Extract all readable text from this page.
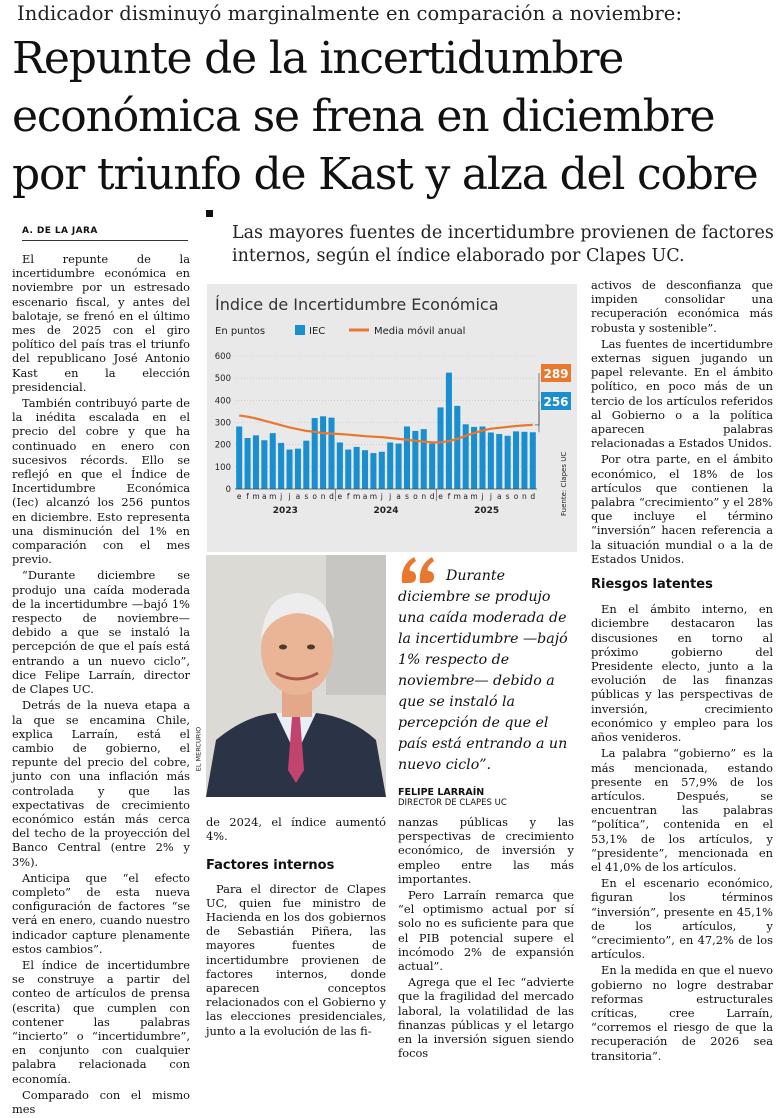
Indicador disminuyó marginalmente en comparación a noviembre:
Repunte de la incertidumbre
económica se frena en diciembre
por triunfo de Kast y alza del cobre
A. DE LA JARA	Las mayores fuentes de incertidumbre provienen de factores
internos, según el índice elaborado por Clapes UC.

El repunte de la incertidumbre económica en noviembre por un estresado escenario fiscal, y antes del balotaje, se frenó en el último mes de 2025 con el giro político del país tras el triunfo del republicano José Antonio Kast en la elección presidencial.

También contribuyó parte de la inédita escalada en el precio del cobre y que ha continuado en enero con sucesivos récords. Ello se reflejó en que el Índice de Incertidumbre Económica (Iec) alcanzó los 256 puntos en diciembre. Esto representa una disminución del 1% en comparación con el mes previo.

“Durante diciembre se produjo una caída moderada de la incertidumbre —bajó 1% respecto de noviembre— debido a que se instaló la percepción de que el país está entrando a un nuevo ciclo”, dice Felipe Larraín, director de Clapes UC.

Detrás de la nueva etapa a la que se encamina Chile, explica Larraín, está el cambio de gobierno, el repunte del precio del cobre, junto con una inflación más controlada y que las expectativas de crecimiento económico están más cerca del techo de la proyección del Banco Central (entre 2% y 3%).

Anticipa que “el efecto completo” de esta nueva configuración de factores “se verá en enero, cuando nuestro indicador capture plenamente estos cambios”.

El índice de incertidumbre se construye a partir del conteo de artículos de prensa (escrita) que cumplen con contener las palabras “incierto” o “incertidumbre”, en conjunto con cualquier palabra relacionada con economía.

Comparado con el mismo mes

Índice de Incertidumbre Económica
En puntos	IEC	Media móvil anual
0
100
200
300
400
500
600
e f m a m j j a s o n d e f m a m j j a s o n d e f m a m j j a s o n d
2023	2024	2025
289
256
Fuente: Clapes UC
EL MERCURIO
Durante diciembre se produjo una caída moderada de la incertidumbre —bajó 1% respecto de noviembre— debido a que se instaló la percepción de que el país está entrando a un nuevo ciclo”.
FELIPE LARRAÍN
DIRECTOR DE CLAPES UC

de 2024, el índice aumentó 4%.

Factores internos

Para el director de Clapes UC, quien fue ministro de Hacienda en los dos gobiernos de Sebastián Piñera, las mayores fuentes de incertidumbre provienen de factores internos, donde aparecen conceptos relacionados con el Gobierno y las elecciones presidenciales, junto a la evolución de las fi-

nanzas públicas y las perspectivas de crecimiento económico, de inversión y empleo entre las más importantes.

Pero Larraín remarca que “el optimismo actual por sí solo no es suficiente para que el PIB potencial supere el incómodo 2% de expansión actual”.

Agrega que el Iec “advierte que la fragilidad del mercado laboral, la volatilidad de las finanzas públicas y el letargo en la inversión siguen siendo focos

activos de desconfianza que impiden consolidar una recuperación económica más robusta y sostenible”.

Las fuentes de incertidumbre externas siguen jugando un papel relevante. En el ámbito político, en poco más de un tercio de los artículos referidos al Gobierno o a la política aparecen palabras relacionadas a Estados Unidos.

Por otra parte, en el ámbito económico, el 18% de los artículos que contienen la palabra “crecimiento” y el 28% que incluye el término “inversión” hacen referencia a la situación mundial o a la de Estados Unidos.

Riesgos latentes

En el ámbito interno, en diciembre destacaron las discusiones en torno al próximo gobierno del Presidente electo, junto a la evolución de las finanzas públicas y las perspectivas de inversión, crecimiento económico y empleo para los años venideros.

La palabra “gobierno” es la más mencionada, estando presente en 57,9% de los artículos. Después, se encuentran las palabras “política”, contenida en el 53,1% de los artículos, y “presidente”, mencionada en el 41,0% de los artículos.

En el escenario económico, figuran los términos “inversión”, presente en 45,1% de los artículos, y “crecimiento”, en 47,2% de los artículos.

En la medida en que el nuevo gobierno no logre destrabar reformas estructurales críticas, cree Larraín, “corremos el riesgo de que la recuperación de 2026 sea transitoria”.
